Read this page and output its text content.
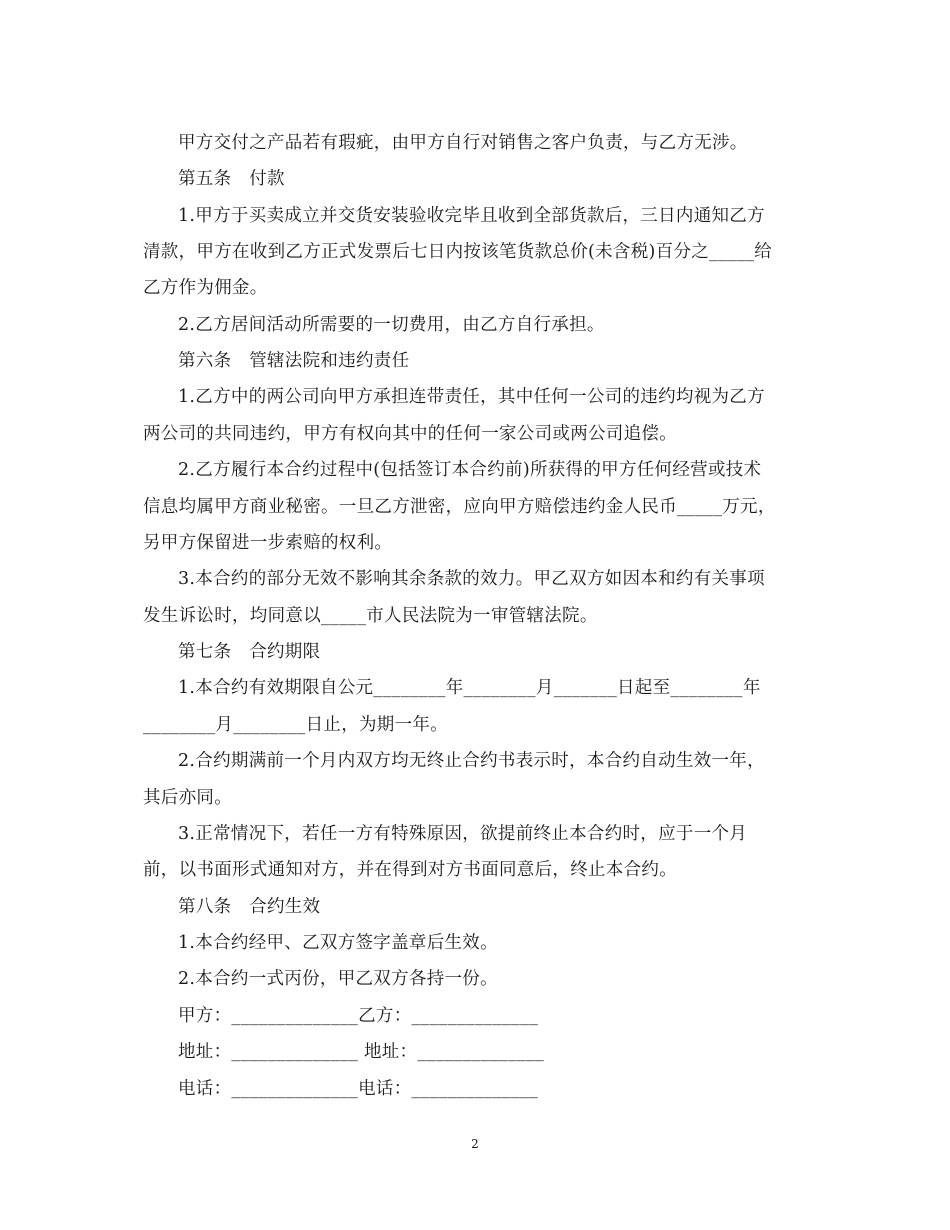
甲方交付之产品若有瑕疵，由甲方自行对销售之客户负责，与乙方无涉。

第五条　付款

1.甲方于买卖成立并交货安装验收完毕且收到全部货款后，三日内通知乙方

清款，甲方在收到乙方正式发票后七日内按该笔货款总价(未含税)百分之_____给

乙方作为佣金。

2.乙方居间活动所需要的一切费用，由乙方自行承担。

第六条　管辖法院和违约责任

1.乙方中的两公司向甲方承担连带责任，其中任何一公司的违约均视为乙方

两公司的共同违约，甲方有权向其中的任何一家公司或两公司追偿。

2.乙方履行本合约过程中(包括签订本合约前)所获得的甲方任何经营或技术

信息均属甲方商业秘密。一旦乙方泄密，应向甲方赔偿违约金人民币_____万元，

另甲方保留进一步索赔的权利。

3.本合约的部分无效不影响其余条款的效力。甲乙双方如因本和约有关事项

发生诉讼时，均同意以_____市人民法院为一审管辖法院。

第七条　合约期限

1.本合约有效期限自公元________年________月_______日起至________年

________月________日止，为期一年。

2.合约期满前一个月内双方均无终止合约书表示时，本合约自动生效一年，

其后亦同。

3.正常情况下，若任一方有特殊原因，欲提前终止本合约时，应于一个月

前，以书面形式通知对方，并在得到对方书面同意后，终止本合约。

第八条　合约生效

1.本合约经甲、乙双方签字盖章后生效。

2.本合约一式丙份，甲乙双方各持一份。

甲方：______________乙方：______________

地址：______________ 地址：______________

电话：______________电话：______________

2
